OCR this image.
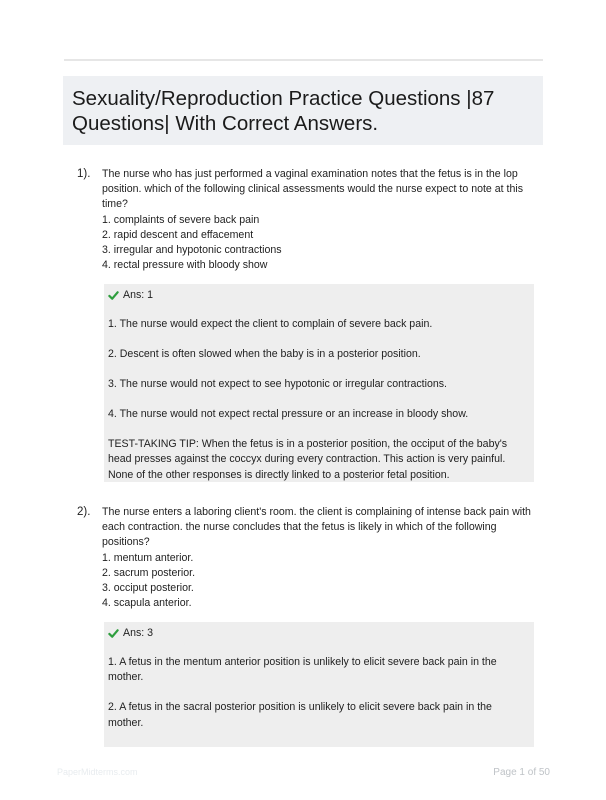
Sexuality/Reproduction Practice Questions |87 Questions| With Correct Answers.
1). The nurse who has just performed a vaginal examination notes that the fetus is in the lop position. which of the following clinical assessments would the nurse expect to note at this time?
1. complaints of severe back pain
2. rapid descent and effacement
3. irregular and hypotonic contractions
4. rectal pressure with bloody show
Ans: 1

1. The nurse would expect the client to complain of severe back pain.

2. Descent is often slowed when the baby is in a posterior position.

3. The nurse would not expect to see hypotonic or irregular contractions.

4. The nurse would not expect rectal pressure or an increase in bloody show.

TEST-TAKING TIP: When the fetus is in a posterior position, the occiput of the baby's head presses against the coccyx during every contraction. This action is very painful. None of the other responses is directly linked to a posterior fetal position.

2). The nurse enters a laboring client's room. the client is complaining of intense back pain with each contraction. the nurse concludes that the fetus is likely in which of the following positions?
1. mentum anterior.
2. sacrum posterior.
3. occiput posterior.
4. scapula anterior.
Ans: 3

1. A fetus in the mentum anterior position is unlikely to elicit severe back pain in the mother.

2. A fetus in the sacral posterior position is unlikely to elicit severe back pain in the mother.

PaperMidterms.com	Page 1 of 50
